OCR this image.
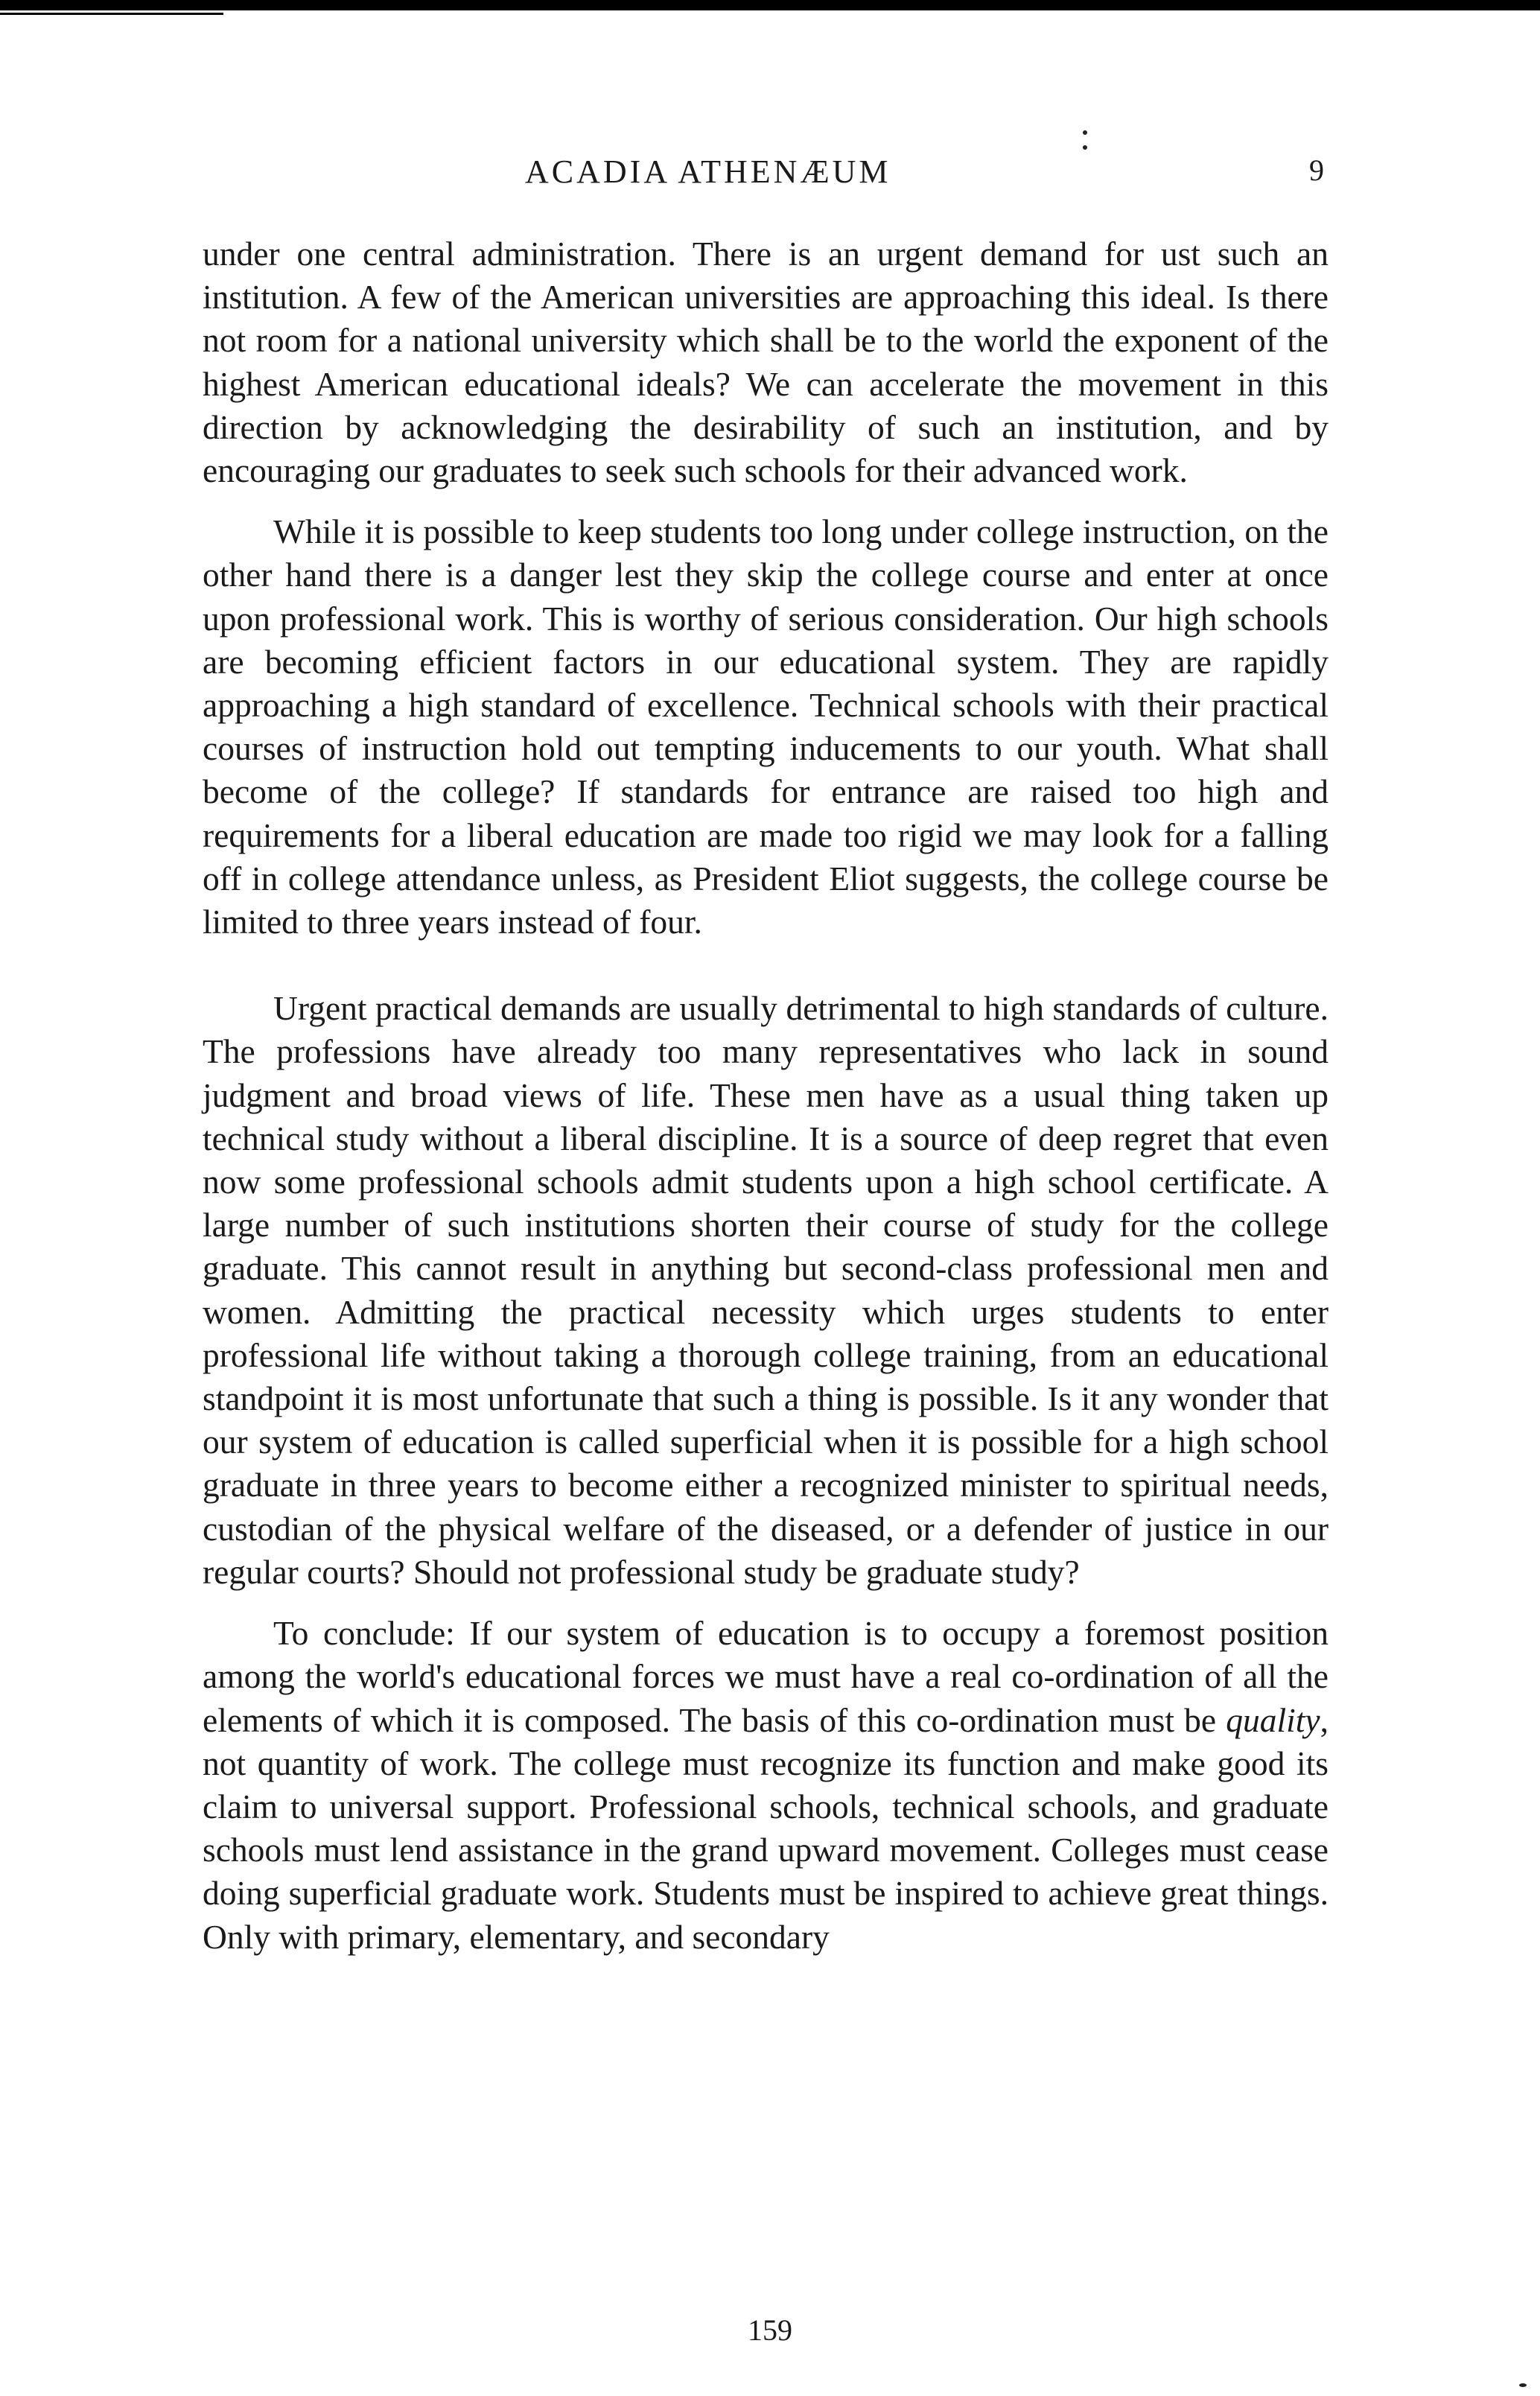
ACADIA ATHENÆUM	9

under one central administration. There is an urgent demand for ust such an institution. A few of the American universities are approaching this ideal. Is there not room for a national university which shall be to the world the exponent of the highest American educational ideals? We can accelerate the movement in this direction by acknowledging the desirability of such an institution, and by encouraging our graduates to seek such schools for their advanced work.

While it is possible to keep students too long under college instruction, on the other hand there is a danger lest they skip the college course and enter at once upon professional work. This is worthy of serious consideration. Our high schools are becoming efficient factors in our educational system. They are rapidly approaching a high standard of excellence. Technical schools with their practical courses of instruction hold out tempting inducements to our youth. What shall become of the college? If standards for entrance are raised too high and requirements for a liberal education are made too rigid we may look for a falling off in college attendance unless, as President Eliot suggests, the college course be limited to three years instead of four.

Urgent practical demands are usually detrimental to high standards of culture. The professions have already too many representatives who lack in sound judgment and broad views of life. These men have as a usual thing taken up technical study without a liberal discipline. It is a source of deep regret that even now some professional schools admit students upon a high school certificate. A large number of such institutions shorten their course of study for the college graduate. This cannot result in anything but second-class professional men and women. Admitting the practical necessity which urges students to enter professional life without taking a thorough college training, from an educational standpoint it is most unfortunate that such a thing is possible. Is it any wonder that our system of education is called superficial when it is possible for a high school graduate in three years to become either a recognized minister to spiritual needs, custodian of the physical welfare of the diseased, or a defender of justice in our regular courts? Should not professional study be graduate study?

To conclude: If our system of education is to occupy a foremost position among the world's educational forces we must have a real co-ordination of all the elements of which it is composed. The basis of this co-ordination must be quality, not quantity of work. The college must recognize its function and make good its claim to universal support. Professional schools, technical schools, and graduate schools must lend assistance in the grand upward movement. Colleges must cease doing superficial graduate work. Students must be inspired to achieve great things. Only with primary, elementary, and secondary

159
